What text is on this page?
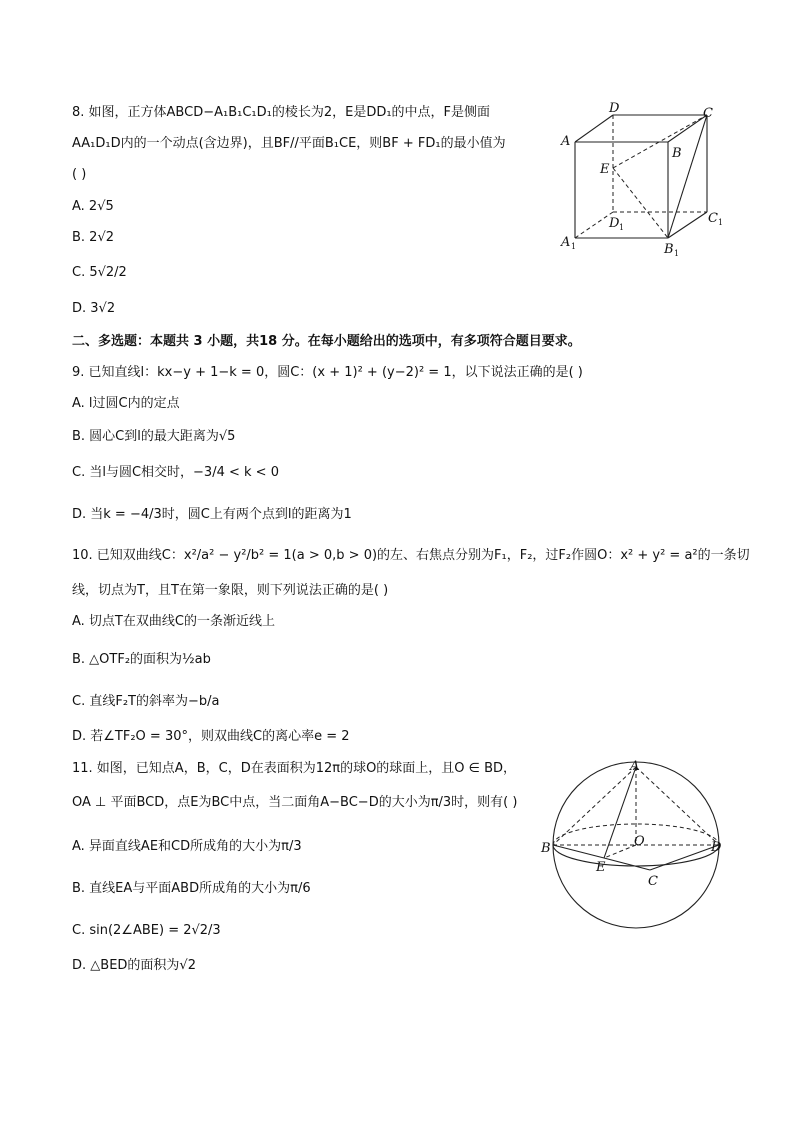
8. 如图，正方体ABCD−A₁B₁C₁D₁的棱长为2，E是DD₁的中点，F是侧面
AA₁D₁D内的一个动点(含边界)，且BF//平面B₁CE，则BF + FD₁的最小值为
( )
A. 2√5
B. 2√2
C. 5√2/2
D. 3√2
D	C
A
B
E
D 1
C 1
A 1	B 1
二、多选题：本题共 3 小题，共18 分。在每小题给出的选项中，有多项符合题目要求。
9. 已知直线l：kx−y + 1−k = 0，圆C：(x + 1)² + (y−2)² = 1，以下说法正确的是( )
A. l过圆C内的定点
B. 圆心C到l的最大距离为√5
C. 当l与圆C相交时，−3/4 < k < 0
D. 当k = −4/3时，圆C上有两个点到l的距离为1
10. 已知双曲线C：x²/a² − y²/b² = 1(a > 0,b > 0)的左、右焦点分别为F₁，F₂，过F₂作圆O：x² + y² = a²的一条切
线，切点为T，且T在第一象限，则下列说法正确的是( )
A. 切点T在双曲线C的一条渐近线上
B. △OTF₂的面积为½ab
C. 直线F₂T的斜率为−b/a
D. 若∠TF₂O = 30°，则双曲线C的离心率e = 2
11. 如图，已知点A，B，C，D在表面积为12π的球O的球面上，且O ∈ BD，
OA ⊥ 平面BCD，点E为BC中点，当二面角A−BC−D的大小为π/3时，则有( )
A. 异面直线AE和CD所成角的大小为π/3
B. 直线EA与平面ABD所成角的大小为π/6
C. sin(2∠ABE) = 2√2/3
D. △BED的面积为√2
A
B	O	D
E
C
